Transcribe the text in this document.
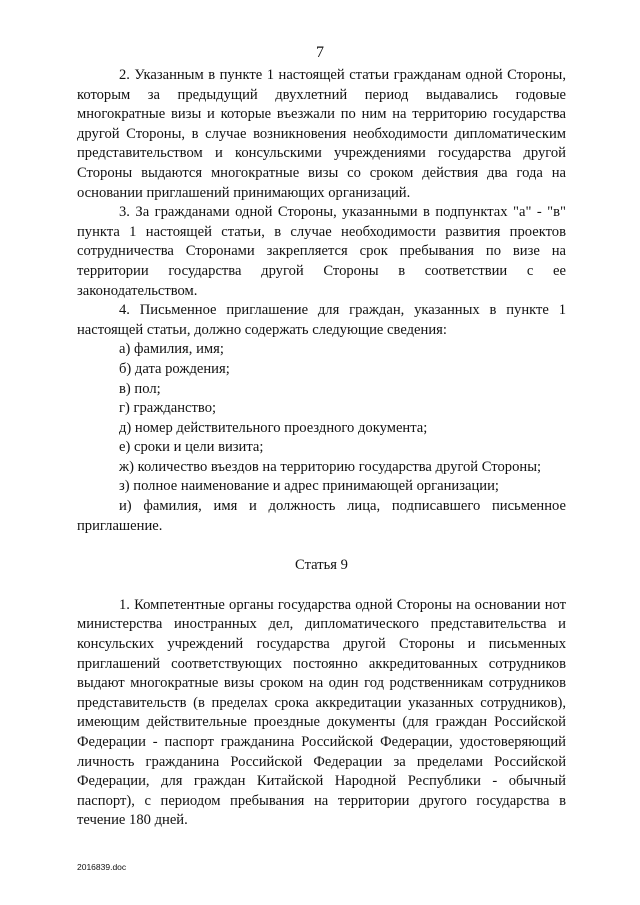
7

2. Указанным в пункте 1 настоящей статьи гражданам одной Стороны, которым за предыдущий двухлетний период выдавались годовые многократные визы и которые въезжали по ним на территорию государства другой Стороны, в случае возникновения необходимости дипломатическим представительством и консульскими учреждениями государства другой Стороны выдаются многократные визы со сроком действия два года на основании приглашений принимающих организаций.

3. За гражданами одной Стороны, указанными в подпунктах "а" - "в" пункта 1 настоящей статьи, в случае необходимости развития проектов сотрудничества Сторонами закрепляется срок пребывания по визе на территории государства другой Стороны в соответствии с ее законодательством.

4. Письменное приглашение для граждан, указанных в пункте 1 настоящей статьи, должно содержать следующие сведения:

а) фамилия, имя;

б) дата рождения;

в) пол;

г) гражданство;

д) номер действительного проездного документа;

е) сроки и цели визита;

ж) количество въездов на территорию государства другой Стороны;

з) полное наименование и адрес принимающей организации;

и) фамилия, имя и должность лица, подписавшего письменное приглашение.

Статья 9

1. Компетентные органы государства одной Стороны на основании нот министерства иностранных дел, дипломатического представительства и консульских учреждений государства другой Стороны и письменных приглашений соответствующих постоянно аккредитованных сотрудников выдают многократные визы сроком на один год родственникам сотрудников представительств (в пределах срока аккредитации указанных сотрудников), имеющим действительные проездные документы (для граждан Российской Федерации - паспорт гражданина Российской Федерации, удостоверяющий личность гражданина Российской Федерации за пределами Российской Федерации, для граждан Китайской Народной Республики - обычный паспорт), с периодом пребывания на территории другого государства в течение 180 дней.

2016839.doc
